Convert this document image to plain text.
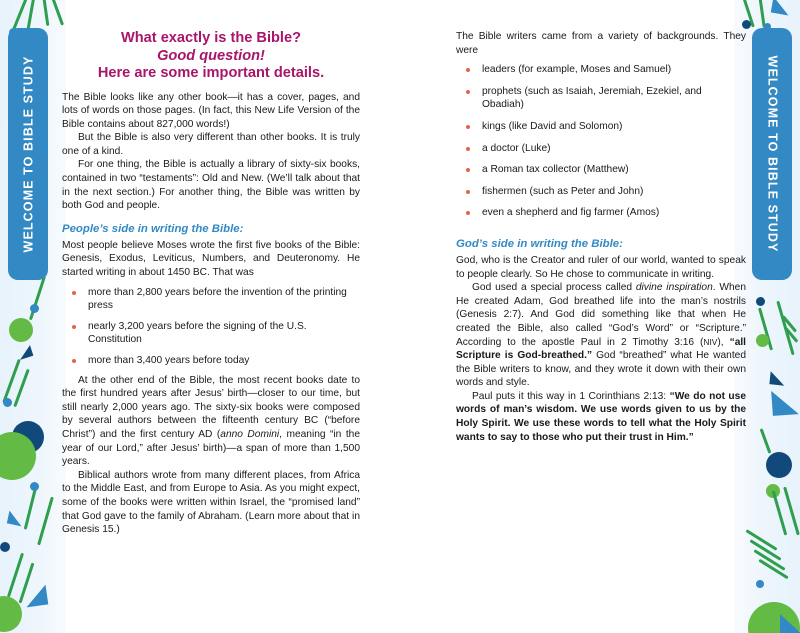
WELCOME TO BIBLE STUDY	WELCOME TO BIBLE STUDY
What exactly is the Bible?
Good question!
Here are some important details.

The Bible looks like any other book—it has a cover, pages, and lots of words on those pages. (In fact, this New Life Version of the Bible contains about 827,000 words!)

But the Bible is also very different than other books. It is truly one of a kind.

For one thing, the Bible is actually a library of sixty-six books, contained in two “testaments”: Old and New. (We’ll talk about that in the next section.) For another thing, the Bible was written by both God and people.

People’s side in writing the Bible:

Most people believe Moses wrote the first five books of the Bible: Genesis, Exodus, Leviticus, Numbers, and Deuteronomy. He started writing in about 1450 BC. That was

more than 2,800 years before the invention of the printing press
nearly 3,200 years before the signing of the U.S. Constitution
more than 3,400 years before today

At the other end of the Bible, the most recent books date to the first hundred years after Jesus’ birth—closer to our time, but still nearly 2,000 years ago. The sixty-six books were composed by several authors between the fifteenth century BC (“before Christ”) and the first century AD (anno Domini, meaning “in the year of our Lord,” after Jesus’ birth)—a span of more than 1,500 years.

Biblical authors wrote from many different places, from Africa to the Middle East, and from Europe to Asia. As you might expect, some of the books were written within Israel, the “promised land” that God gave to the family of Abraham. (Learn more about that in Genesis 15.)

The Bible writers came from a variety of backgrounds. They were

leaders (for example, Moses and Samuel)
prophets (such as Isaiah, Jeremiah, Ezekiel, and Obadiah)
kings (like David and Solomon)
a doctor (Luke)
a Roman tax collector (Matthew)
fishermen (such as Peter and John)
even a shepherd and fig farmer (Amos)
God’s side in writing the Bible:

God, who is the Creator and ruler of our world, wanted to speak to people clearly. So He chose to communicate in writing.

God used a special process called divine inspiration. When He created Adam, God breathed life into the man’s nostrils (Genesis 2:7). And God did something like that when He created the Bible, also called “God’s Word” or “Scripture.” According to the apostle Paul in 2 Timothy 3:16 (NIV), “all Scripture is God-breathed.” God “breathed” what He wanted the Bible writers to know, and they wrote it down with their own words and style.

Paul puts it this way in 1 Corinthians 2:13: “We do not use words of man’s wisdom. We use words given to us by the Holy Spirit. We use these words to tell what the Holy Spirit wants to say to those who put their trust in Him.”
